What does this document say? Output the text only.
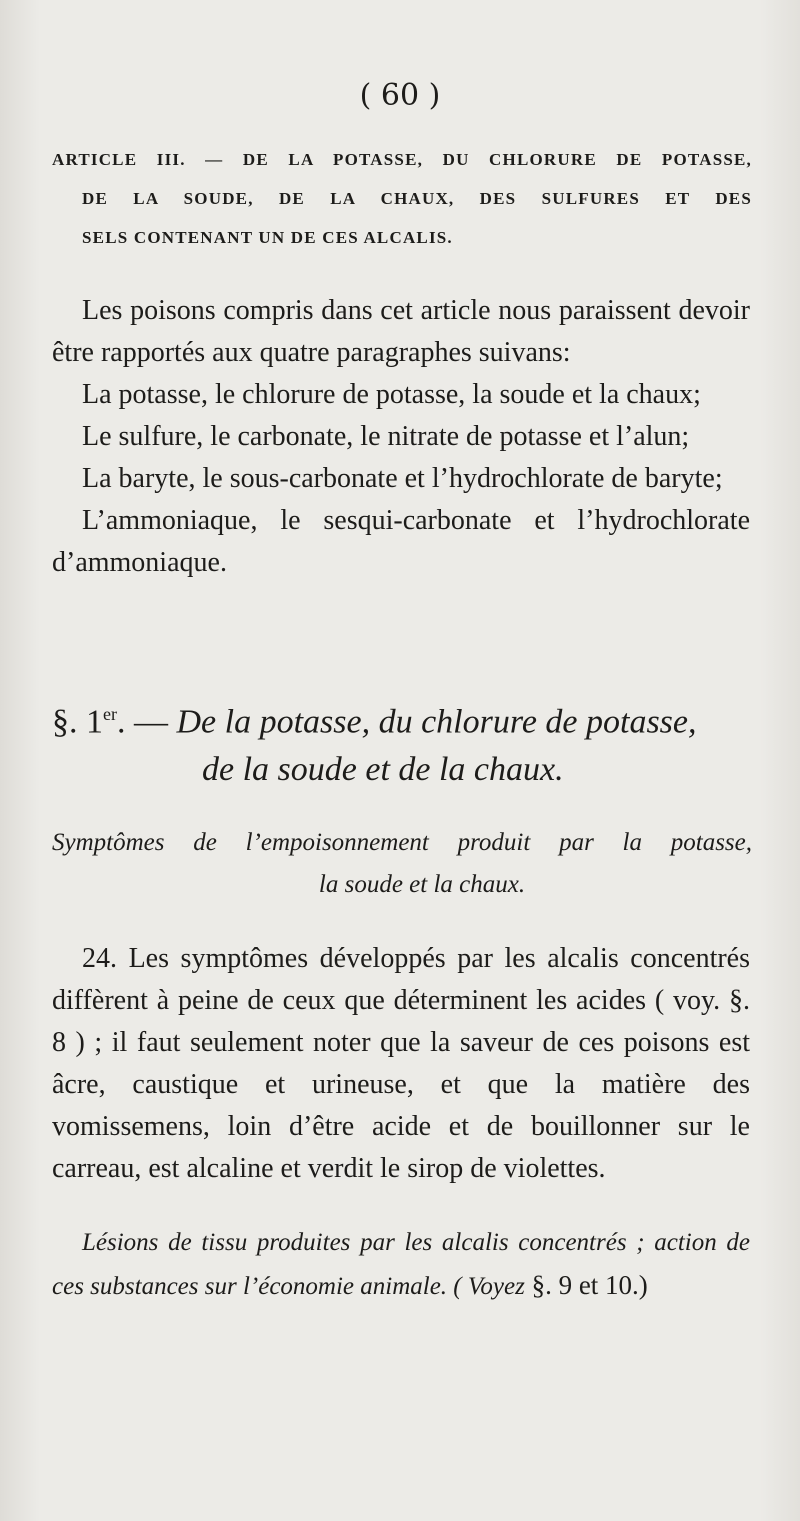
( 60 )
ARTICLE III. — DE LA POTASSE, DU CHLORURE DE POTASSE,
DE LA SOUDE, DE LA CHAUX, DES SULFURES ET DES
SELS CONTENANT UN DE CES ALCALIS.
Les poisons compris dans cet article nous paraissent devoir être rapportés aux quatre paragraphes suivans:
La potasse, le chlorure de potasse, la soude et la chaux;
Le sulfure, le carbonate, le nitrate de potasse et l’alun;
La baryte, le sous-carbonate et l’hydrochlorate de baryte;
L’ammoniaque, le sesqui-carbonate et l’hydrochlorate d’ammoniaque.
§. 1er. — De la potasse, du chlorure de potasse,
de la soude et de la chaux.
Symptômes de l’empoisonnement produit par la potasse,
la soude et la chaux.
24. Les symptômes développés par les alcalis concentrés diffèrent à peine de ceux que déterminent les acides ( voy. §. 8 ) ; il faut seulement noter que la saveur de ces poisons est âcre, caustique et urineuse, et que la matière des vomissemens, loin d’être acide et de bouillonner sur le carreau, est alcaline et verdit le sirop de violettes.
Lésions de tissu produites par les alcalis concentrés ; action de ces substances sur l’économie animale. ( Voyez §. 9 et 10.)
